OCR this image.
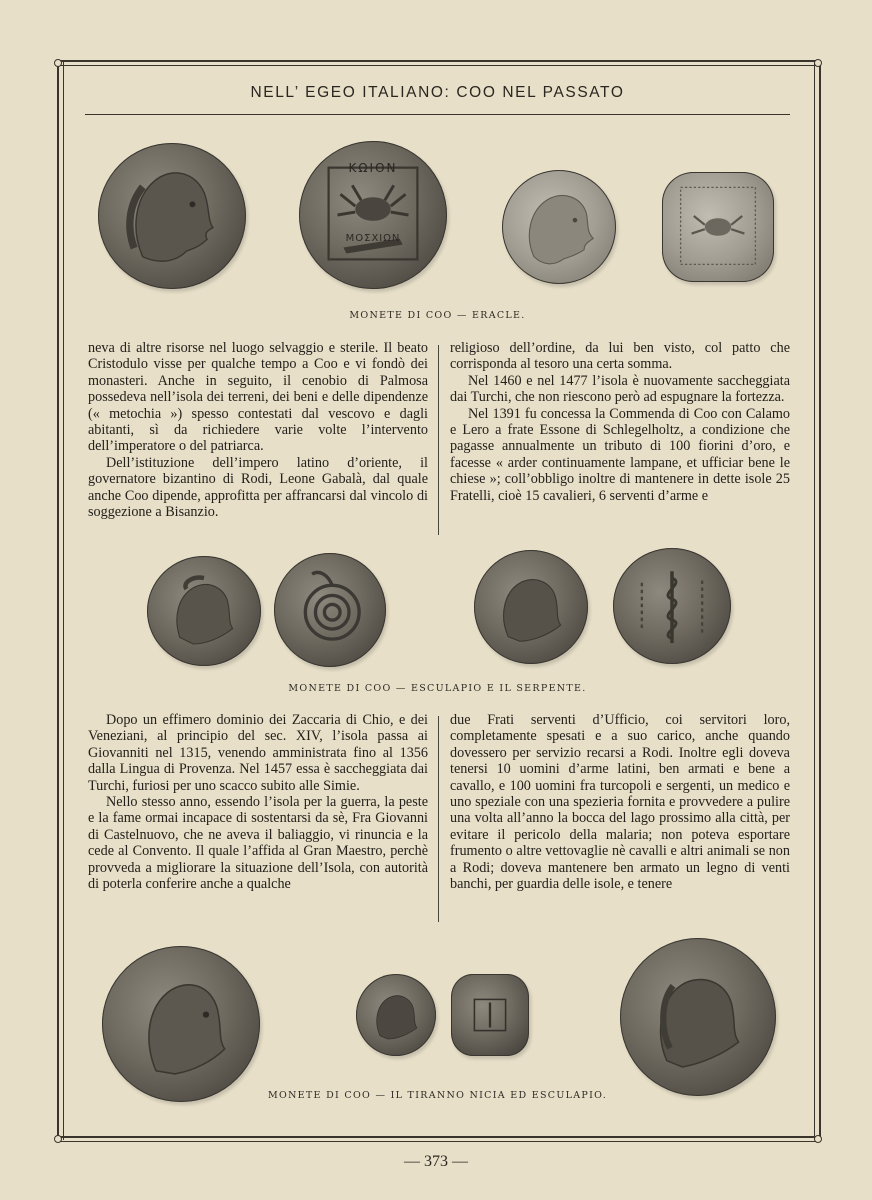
NELL’ EGEO ITALIANO: COO NEL PASSATO
ΚΩΙΟΝ
ΜΟΣΧΙΩΝ
MONETE DI COO — ERACLE.

neva di altre risorse nel luogo selvaggio e sterile. Il beato Cristodulo visse per qualche tempo a Coo e vi fondò dei monasteri. Anche in seguito, il cenobio di Palmosa possedeva nell’isola dei terreni, dei beni e delle dipendenze (« metochia ») spesso contestati dal vescovo e dagli abitanti, sì da richiedere varie volte l’intervento dell’imperatore o del patriarca.

Dell’istituzione dell’impero latino d’oriente, il governatore bizantino di Rodi, Leone Gabalà, dal quale anche Coo dipende, approfitta per affrancarsi dal vincolo di soggezione a Bisanzio.

religioso dell’ordine, da lui ben visto, col patto che corrisponda al tesoro una certa somma.

Nel 1460 e nel 1477 l’isola è nuovamente saccheggiata dai Turchi, che non riescono però ad espugnare la fortezza.

Nel 1391 fu concessa la Commenda di Coo con Calamo e Lero a frate Essone di Schlegelholtz, a condizione che pagasse annualmente un tributo di 100 fiorini d’oro, e facesse « arder continuamente lampane, et ufficiar bene le chiese »; coll’obbligo inoltre di mantenere in dette isole 25 Fratelli, cioè 15 cavalieri, 6 serventi d’arme e

MONETE DI COO — ESCULAPIO E IL SERPENTE.

Dopo un effimero dominio dei Zaccaria di Chio, e dei Veneziani, al principio del sec. XIV, l’isola passa ai Giovanniti nel 1315, venendo amministrata fino al 1356 dalla Lingua di Provenza. Nel 1457 essa è saccheggiata dai Turchi, furiosi per uno scacco subito alle Simie.

Nello stesso anno, essendo l’isola per la guerra, la peste e la fame ormai incapace di sostentarsi da sè, Fra Giovanni di Castelnuovo, che ne aveva il baliaggio, vi rinuncia e la cede al Convento. Il quale l’affida al Gran Maestro, perchè provveda a migliorare la situazione dell’Isola, con autorità di poterla conferire anche a qualche

due Frati serventi d’Ufficio, coi servitori loro, completamente spesati e a suo carico, anche quando dovessero per servizio recarsi a Rodi. Inoltre egli doveva tenersi 10 uomini d’arme latini, ben armati e bene a cavallo, e 100 uomini fra turcopoli e sergenti, un medico e uno speziale con una spezieria fornita e provvedere a pulire una volta all’anno la bocca del lago prossimo alla città, per evitare il pericolo della malaria; non poteva esportare frumento o altre vettovaglie nè cavalli e altri animali se non a Rodi; doveva mantenere ben armato un legno di venti banchi, per guardia delle isole, e tenere

MONETE DI COO — IL TIRANNO NICIA ED ESCULAPIO.
— 373 —
